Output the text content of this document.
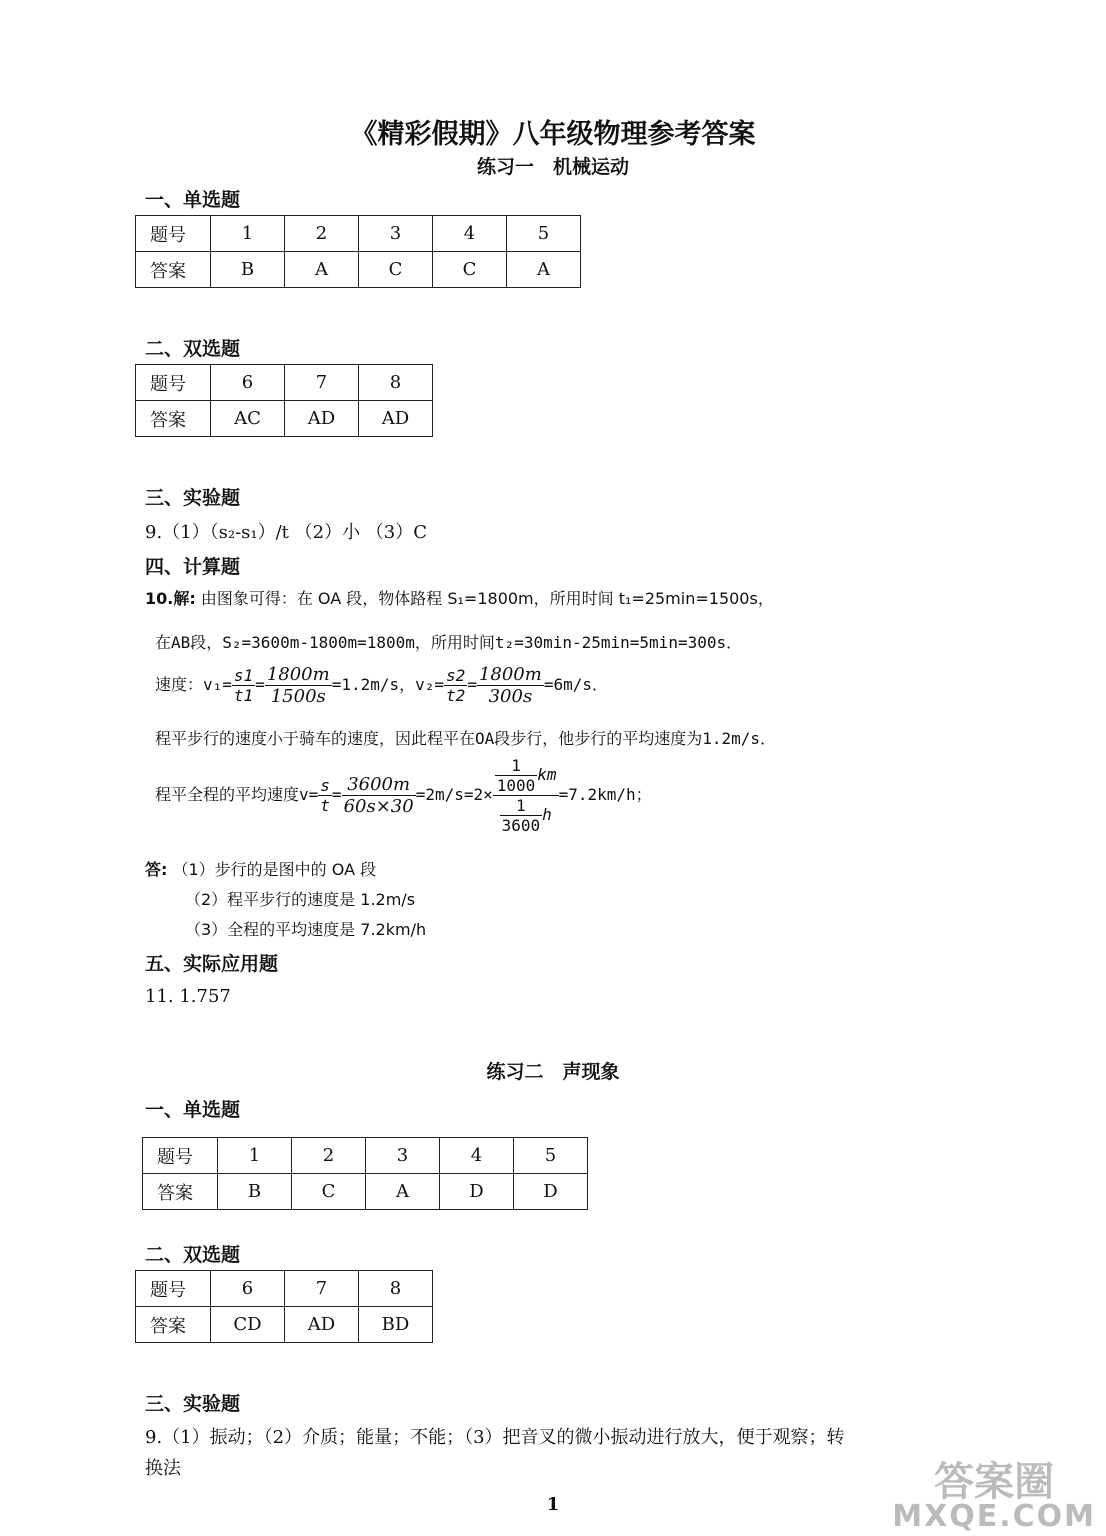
《精彩假期》八年级物理参考答案
练习一　机械运动
一、单选题
题号	1	2	3	4	5
答案	B	A	C	C	A
二、双选题
题号	6	7	8
答案	AC	AD	AD
三、实验题
9.（1）（s₂-s₁）/t （2）小 （3）C
四、计算题
10.解: 由图象可得：在 OA 段，物体路程 S₁=1800m，所用时间 t₁=25min=1500s，
在AB段，S₂=3600m-1800m=1800m，所用时间t₂=30min-25min=5min=300s．
速度：$v_1= \frac{s1}{t1} = \frac{1800m}{1500s} =1.2m/s$，$v_2= \frac{s2}{t2} = \frac{1800m}{300s} =6m/s$．
程平步行的速度小于骑车的速度，因此程平在OA段步行，他步行的平均速度为1.2m/s．
程平全程的平均速度$v= \frac{s}{t} = \frac{3600m}{60s\times 30} =2m/s=2\times \frac{\frac{1}{1000} km}{\frac{1}{3600} h} =7.2km/h$；
答: （1）步行的是图中的 OA 段
（2）程平步行的速度是 1.2m/s
（3）全程的平均速度是 7.2km/h
五、实际应用题
11. 1.757
练习二　声现象
一、单选题
题号	1	2	3	4	5
答案	B	C	A	D	D
二、双选题
题号	6	7	8
答案	CD	AD	BD
三、实验题
9.（1）振动；（2）介质；能量；不能；（3）把音叉的微小振动进行放大，便于观察；转
换法
1	答案圈
MXQE.COM
